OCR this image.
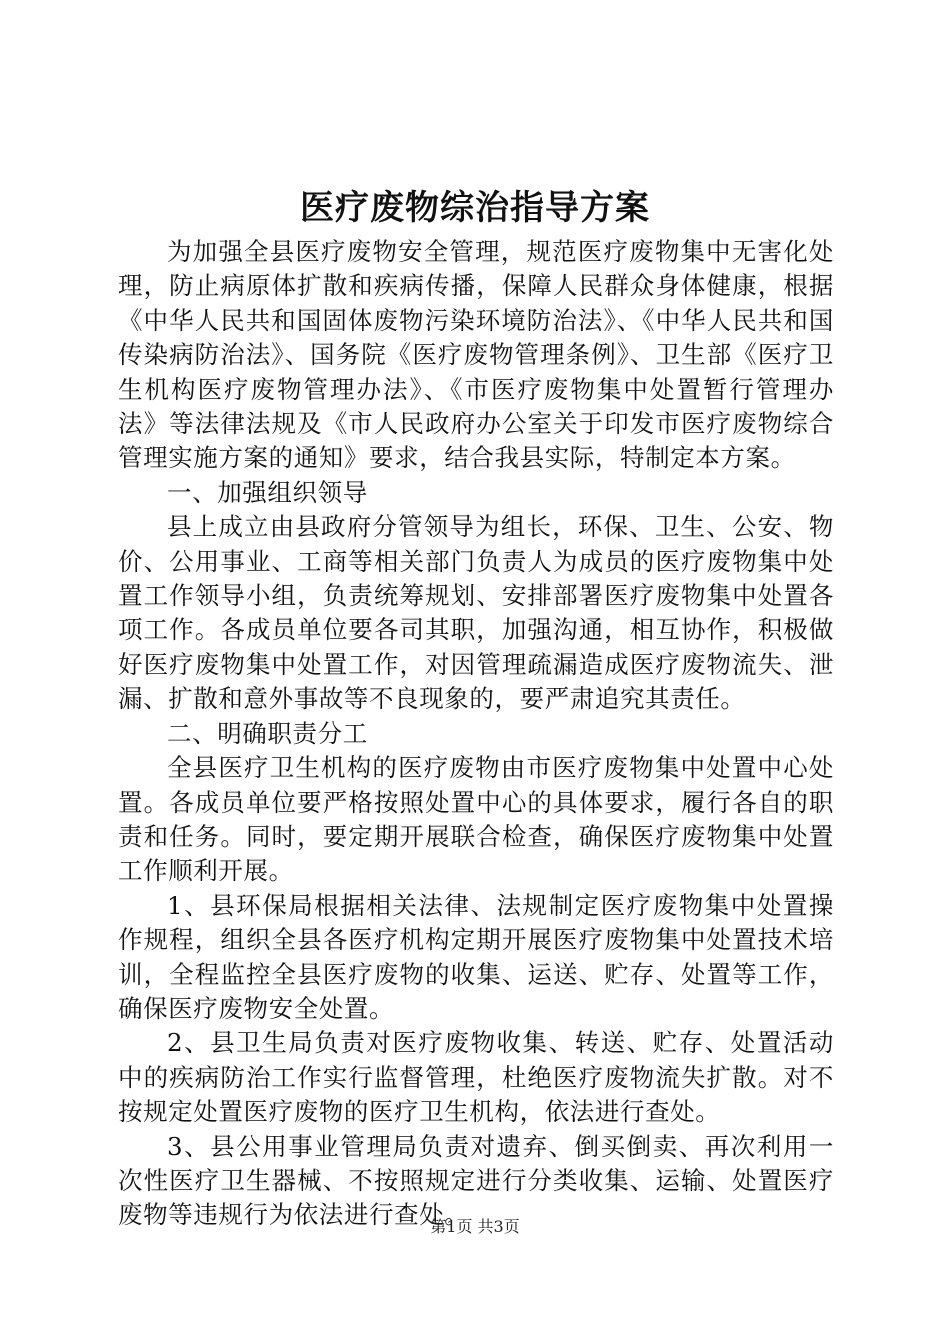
医疗废物综治指导方案

为加强全县医疗废物安全管理，规范医疗废物集中无害化处理，防止病原体扩散和疾病传播，保障人民群众身体健康，根据《中华人民共和国固体废物污染环境防治法》、《中华人民共和国传染病防治法》、国务院《医疗废物管理条例》、卫生部《医疗卫生机构医疗废物管理办法》、《市医疗废物集中处置暂行管理办法》等法律法规及《市人民政府办公室关于印发市医疗废物综合管理实施方案的通知》要求，结合我县实际，特制定本方案。

一、加强组织领导

县上成立由县政府分管领导为组长，环保、卫生、公安、物价、公用事业、工商等相关部门负责人为成员的医疗废物集中处置工作领导小组，负责统筹规划、安排部署医疗废物集中处置各项工作。各成员单位要各司其职，加强沟通，相互协作，积极做好医疗废物集中处置工作，对因管理疏漏造成医疗废物流失、泄漏、扩散和意外事故等不良现象的，要严肃追究其责任。

二、明确职责分工

全县医疗卫生机构的医疗废物由市医疗废物集中处置中心处置。各成员单位要严格按照处置中心的具体要求，履行各自的职责和任务。同时，要定期开展联合检查，确保医疗废物集中处置工作顺利开展。

1、县环保局根据相关法律、法规制定医疗废物集中处置操作规程，组织全县各医疗机构定期开展医疗废物集中处置技术培训，全程监控全县医疗废物的收集、运送、贮存、处置等工作，确保医疗废物安全处置。

2、县卫生局负责对医疗废物收集、转送、贮存、处置活动中的疾病防治工作实行监督管理，杜绝医疗废物流失扩散。对不按规定处置医疗废物的医疗卫生机构，依法进行查处。

3、县公用事业管理局负责对遗弃、倒买倒卖、再次利用一次性医疗卫生器械、不按照规定进行分类收集、运输、处置医疗废物等违规行为依法进行查处。

第1页 共3页
